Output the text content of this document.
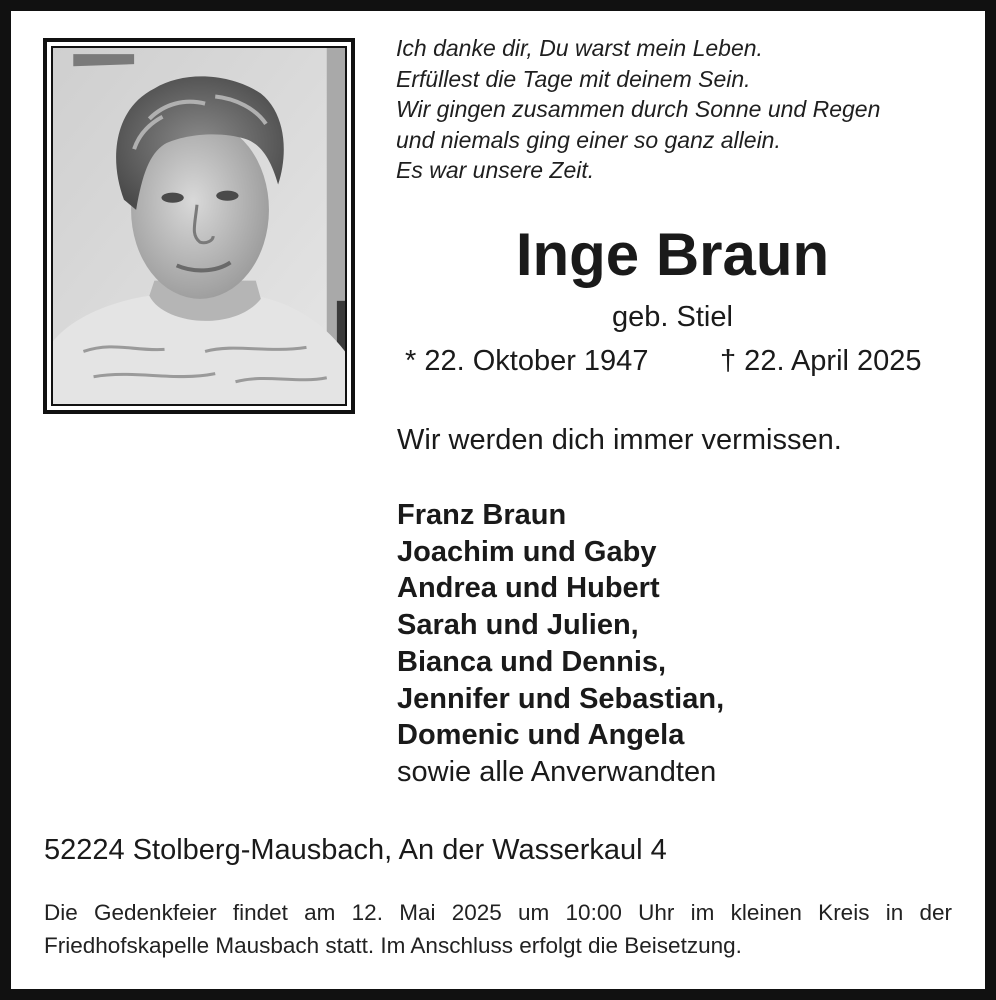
Ich danke dir, Du warst mein Leben.
Erfüllest die Tage mit deinem Sein.
Wir gingen zusammen durch Sonne und Regen
und niemals ging einer so ganz allein.
Es war unsere Zeit.
Inge Braun
geb. Stiel
* 22. Oktober 1947 † 22. April 2025
Wir werden dich immer vermissen.
Franz Braun
Joachim und Gaby
Andrea und Hubert
Sarah und Julien,
Bianca und Dennis,
Jennifer und Sebastian,
Domenic und Angela
sowie alle Anverwandten
52224 Stolberg-Mausbach, An der Wasserkaul 4

Die Gedenkfeier findet am 12. Mai 2025 um 10:00 Uhr im kleinen Kreis in der Friedhofskapelle Mausbach statt. Im Anschluss erfolgt die Beisetzung.
